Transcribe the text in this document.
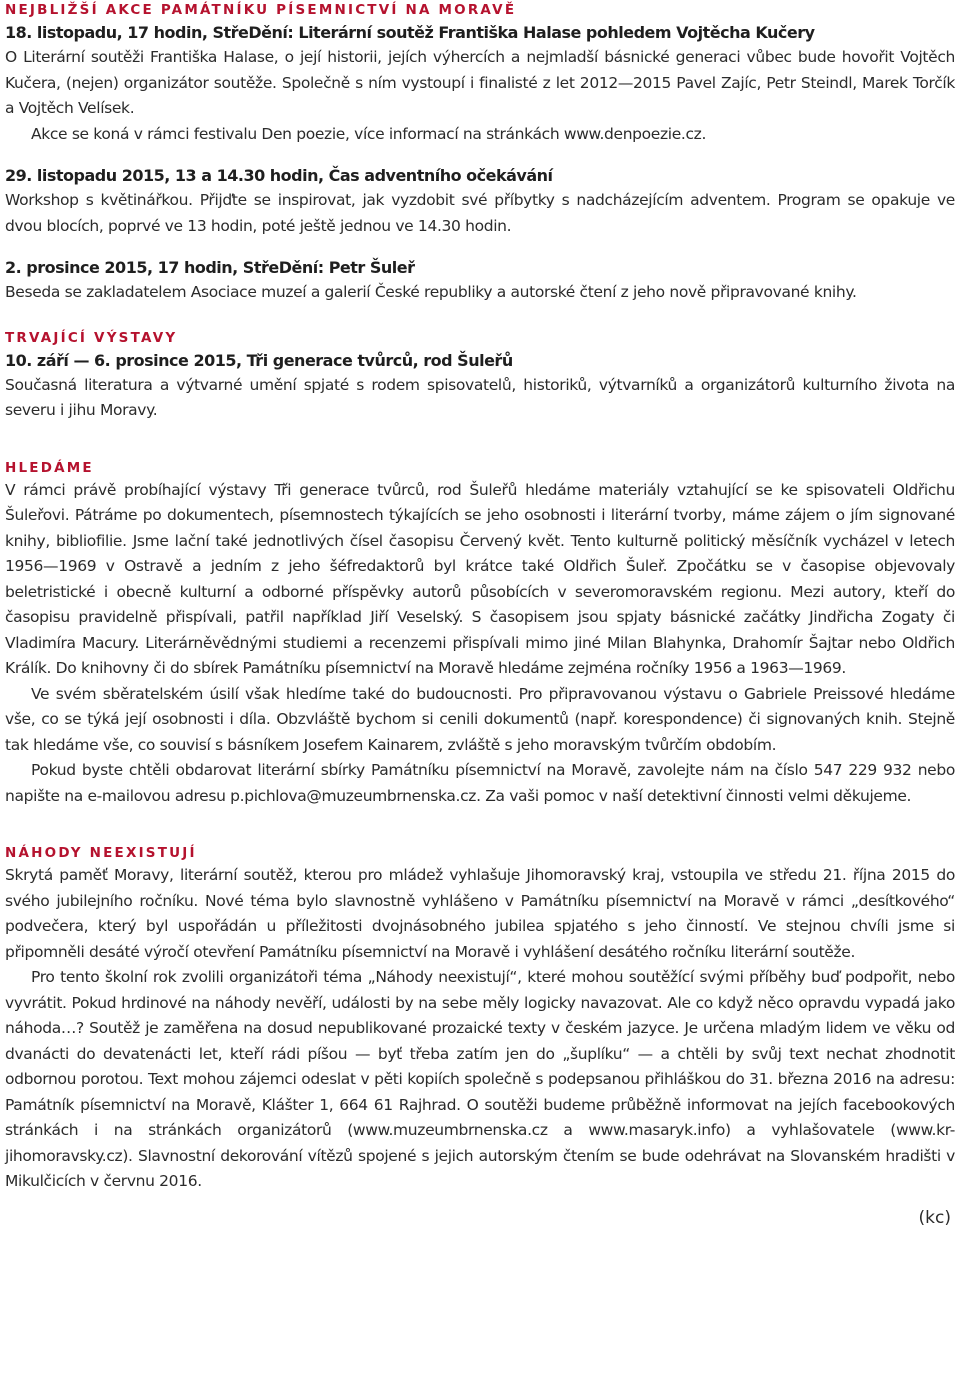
NEJBLIŽŠÍ AKCE PAMÁTNÍKU PÍSEMNICTVÍ NA MORAVĚ
18. listopadu, 17 hodin, StřeDění: Literární soutěž Františka Halase pohledem Vojtěcha Kučery

O Literární soutěži Františka Halase, o její historii, jejích výhercích a nejmladší básnické generaci vůbec bude hovořit Vojtěch Kučera, (nejen) organizátor soutěže. Společně s ním vystoupí i finalisté z let 2012—2015 Pavel Zajíc, Petr Steindl, Marek Torčík a Vojtěch Velísek.

Akce se koná v rámci festivalu Den poezie, více informací na stránkách www.denpoezie.cz.

29. listopadu 2015, 13 a 14.30 hodin, Čas adventního očekávání

Workshop s květinářkou. Přijďte se inspirovat, jak vyzdobit své příbytky s nadcházejícím adventem. Program se opakuje ve dvou blocích, poprvé ve 13 hodin, poté ještě jednou ve 14.30 hodin.

2. prosince 2015, 17 hodin, StřeDění: Petr Šuleř

Beseda se zakladatelem Asociace muzeí a galerií České republiky a autorské čtení z jeho nově připravované knihy.

TRVAJÍCÍ VÝSTAVY
10. září — 6. prosince 2015, Tři generace tvůrců, rod Šuleřů

Současná literatura a výtvarné umění spjaté s rodem spisovatelů, historiků, výtvarníků a organizátorů kulturního života na severu i jihu Moravy.

HLEDÁME

V rámci právě probíhající výstavy Tři generace tvůrců, rod Šuleřů hledáme materiály vztahující se ke spisovateli Oldřichu Šuleřovi. Pátráme po dokumentech, písemnostech týkajících se jeho osobnosti i literární tvorby, máme zájem o jím signované knihy, bibliofilie. Jsme lační také jednotlivých čísel časopisu Červený květ. Tento kulturně politický měsíčník vycházel v letech 1956—1969 v Ostravě a jedním z jeho šéfredaktorů byl krátce také Oldřich Šuleř. Zpočátku se v časopise objevovaly beletristické i obecně kulturní a odborné příspěvky autorů působících v severomoravském regionu. Mezi autory, kteří do časopisu pravidelně přispívali, patřil například Jiří Veselský. S časopisem jsou spjaty básnické začátky Jindřicha Zogaty či Vladimíra Macury. Literárněvědnými studiemi a recenzemi přispívali mimo jiné Milan Blahynka, Drahomír Šajtar nebo Oldřich Králík. Do knihovny či do sbírek Památníku písemnictví na Moravě hledáme zejména ročníky 1956 a 1963—1969.

Ve svém sběratelském úsilí však hledíme také do budoucnosti. Pro připravovanou výstavu o Gabriele Preissové hledáme vše, co se týká její osobnosti i díla. Obzvláště bychom si cenili dokumentů (např. korespondence) či signovaných knih. Stejně tak hledáme vše, co souvisí s básníkem Josefem Kainarem, zvláště s jeho moravským tvůrčím obdobím.

Pokud byste chtěli obdarovat literární sbírky Památníku písemnictví na Moravě, zavolejte nám na číslo 547 229 932 nebo napište na e-mailovou adresu p.pichlova@muzeumbrnenska.cz. Za vaši pomoc v naší detektivní činnosti velmi děkujeme.

NÁHODY NEEXISTUJÍ

Skrytá paměť Moravy, literární soutěž, kterou pro mládež vyhlašuje Jihomoravský kraj, vstoupila ve středu 21. října 2015 do svého jubilejního ročníku. Nové téma bylo slavnostně vyhlášeno v Památníku písemnictví na Moravě v rámci „desítkového“ podvečera, který byl uspořádán u příležitosti dvojnásobného jubilea spjatého s jeho činností. Ve stejnou chvíli jsme si připomněli desáté výročí otevření Památníku písemnictví na Moravě i vyhlášení desátého ročníku literární soutěže.

Pro tento školní rok zvolili organizátoři téma „Náhody neexistují“, které mohou soutěžící svými příběhy buď podpořit, nebo vyvrátit. Pokud hrdinové na náhody nevěří, události by na sebe měly logicky navazovat. Ale co když něco opravdu vypadá jako náhoda…? Soutěž je zaměřena na dosud nepublikované prozaické texty v českém jazyce. Je určena mladým lidem ve věku od dvanácti do devatenácti let, kteří rádi píšou — byť třeba zatím jen do „šuplíku“ — a chtěli by svůj text nechat zhodnotit odbornou porotou. Text mohou zájemci odeslat v pěti kopiích společně s podepsanou přihláškou do 31. března 2016 na adresu: Památník písemnictví na Moravě, Klášter 1, 664 61 Rajhrad. O soutěži budeme průběžně informovat na jejích facebookových stránkách i na stránkách organizátorů (www.muzeumbrnenska.cz a www.masaryk.info) a vyhlašovatele (www.kr-jihomoravsky.cz). Slavnostní dekorování vítězů spojené s jejich autorským čtením se bude odehrávat na Slovanském hradišti v Mikulčicích v červnu 2016.

(kc)
